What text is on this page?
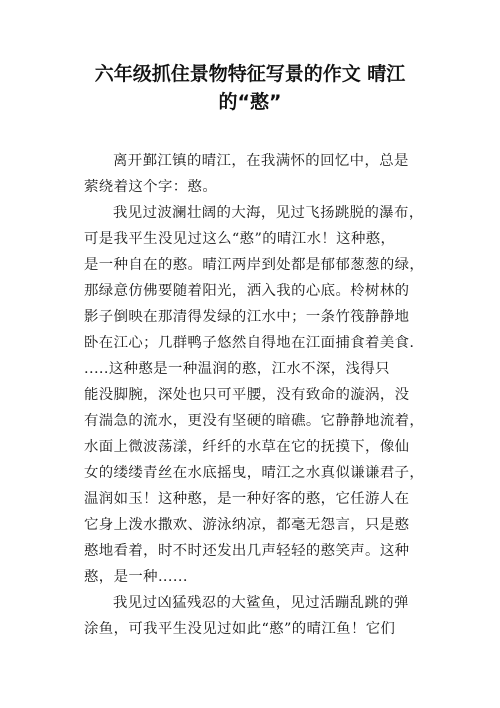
六年级抓住景物特征写景的作文 晴江
的“憨”
离开鄞江镇的晴江，在我满怀的回忆中，总是
萦绕着这个字：憨。
我见过波澜壮阔的大海，见过飞扬跳脱的瀑布，
可是我平生没见过这么“憨”的晴江水！这种憨，
是一种自在的憨。晴江两岸到处都是郁郁葱葱的绿，
那绿意仿佛要随着阳光，洒入我的心底。柃树林的
影子倒映在那清得发绿的江水中；一条竹筏静静地
卧在江心；几群鸭子悠然自得地在江面捕食着美食.
.....这种憨是一种温润的憨，江水不深，浅得只
能没脚腕，深处也只可平腰，没有致命的漩涡，没
有湍急的流水，更没有坚硬的暗礁。它静静地流着，
水面上微波荡漾，纤纤的水草在它的抚摸下，像仙
女的缕缕青丝在水底摇曳，晴江之水真似谦谦君子，
温润如玉！这种憨，是一种好客的憨，它任游人在
它身上泼水撒欢、游泳纳凉，都毫无怨言，只是憨
憨地看着，时不时还发出几声轻轻的憨笑声。这种
憨，是一种......
我见过凶猛残忍的大鲨鱼，见过活蹦乱跳的弹
涂鱼，可我平生没见过如此“憨”的晴江鱼！它们
